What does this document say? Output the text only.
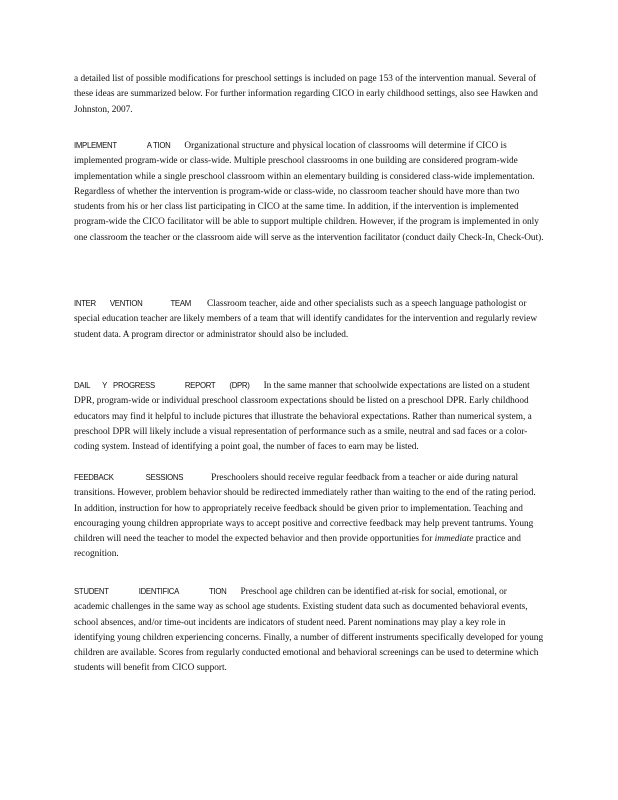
a detailed list of possible modifications for preschool settings is included on page 153 of the intervention manual. Several of these ideas are summarized below. For further information regarding CICO in early childhood settings, also see Hawken and Johnston, 2007.

IMPLEMENT	A TION Organizational structure and physical location of classrooms will determine if CICO is implemented program-wide or class-wide. Multiple preschool classrooms in one building are considered program-wide implementation while a single preschool classroom within an elementary building is considered class-wide implementation. Regardless of whether the intervention is program-wide or class-wide, no classroom teacher should have more than two students from his or her class list participating in CICO at the same time. In addition, if the intervention is implemented program-wide the CICO facilitator will be able to support multiple children. However, if the program is implemented in only one classroom the teacher or the classroom aide will serve as the intervention facilitator (conduct daily Check-In, Check-Out).

INTER VENTION	TEAM Classroom teacher, aide and other specialists such as a speech language pathologist or special education teacher are likely members of a team that will identify candidates for the intervention and regularly review student data. A program director or administrator should also be included.

DAIL Y PROGRESS	REPORT (DPR) In the same manner that schoolwide expectations are listed on a student DPR, program-wide or individual preschool classroom expectations should be listed on a preschool DPR. Early childhood educators may find it helpful to include pictures that illustrate the behavioral expectations. Rather than numerical system, a preschool DPR will likely include a visual representation of performance such as a smile, neutral and sad faces or a color-coding system. Instead of identifying a point goal, the number of faces to earn may be listed.

FEEDBACK	SESSIONS	Preschoolers should receive regular feedback from a teacher or aide during natural transitions. However, problem behavior should be redirected immediately rather than waiting to the end of the rating period. In addition, instruction for how to appropriately receive feedback should be given prior to implementation. Teaching and encouraging young children appropriate ways to accept positive and corrective feedback may help prevent tantrums. Young children will need the teacher to model the expected behavior and then provide opportunities for immediate practice and recognition.

STUDENT	IDENTIFICA	TION Preschool age children can be identified at-risk for social, emotional, or academic challenges in the same way as school age students. Existing student data such as documented behavioral events, school absences, and/or time-out incidents are indicators of student need. Parent nominations may play a key role in identifying young children experiencing concerns. Finally, a number of different instruments specifically developed for young children are available. Scores from regularly conducted emotional and behavioral screenings can be used to determine which students will benefit from CICO support.
